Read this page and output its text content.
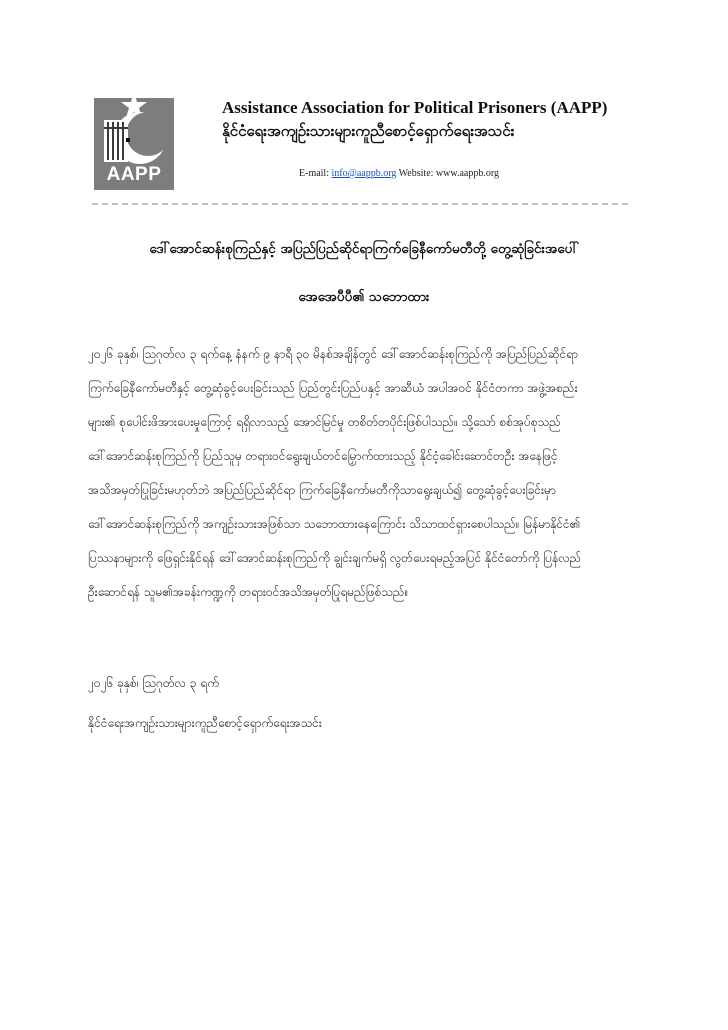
AAPP
Assistance Association for Political Prisoners (AAPP)
နိုင်ငံရေးအကျဉ်းသားများကူညီစောင့်ရှောက်ရေးအသင်း
E-mail: info@aappb.org Website: www.aappb.org
ဒေါ်အောင်ဆန်းစုကြည်နှင့် အပြည်ပြည်ဆိုင်ရာကြက်ခြေနီကော်မတီတို့ တွေ့ဆုံခြင်းအပေါ်
အေအေပီပီ၏ သဘောထား
၂၀၂၆ ခုနှစ်၊ ဩဂုတ်လ ၃ ရက်နေ့ နံနက် ၉ နာရီ ၃၀ မိနစ်အချိန်တွင် ဒေါ်အောင်ဆန်းစုကြည်ကို အပြည်ပြည်ဆိုင်ရာ
ကြက်ခြေနီကော်မတီနှင့် တွေ့ဆုံခွင့်ပေးခြင်းသည် ပြည်တွင်းပြည်ပနှင့် အာဆီယံ အပါအဝင် နိုင်ငံတကာ အဖွဲ့အစည်း
များ၏ စုပေါင်းဖိအားပေးမှုကြောင့် ရရှိလာသည့် အောင်မြင်မှု တစိတ်တပိုင်းဖြစ်ပါသည်။ သို့သော် စစ်အုပ်စုသည်
ဒေါ်အောင်ဆန်းစုကြည်ကို ပြည်သူမှ တရားဝင်ရွေးချယ်တင်မြှောက်ထားသည့် နိုင်ငံ့ခေါင်းဆောင်တဦး အနေဖြင့်
အသိအမှတ်ပြုခြင်းမဟုတ်ဘဲ အပြည်ပြည်ဆိုင်ရာ ကြက်ခြေနီကော်မတီကိုသာရွေးချယ်၍ တွေ့ဆုံခွင့်ပေးခြင်းမှာ
ဒေါ်အောင်ဆန်းစုကြည်ကို အကျဉ်းသားအဖြစ်သာ သဘောထားနေကြောင်း သိသာထင်ရှားစေပါသည်။ မြန်မာနိုင်ငံ၏
ပြဿနာများကို ဖြေရှင်းနိုင်ရန် ဒေါ်အောင်ဆန်းစုကြည်ကို ချွင်းချက်မရှိ လွတ်ပေးရမည့်အပြင် နိုင်ငံတော်ကို ပြန်လည်
ဦးဆောင်ရန် သူမ၏အခန်းကဏ္ဍကို တရားဝင်အသိအမှတ်ပြုရမည်ဖြစ်သည်။
၂၀၂၆ ခုနှစ်၊ ဩဂုတ်လ ၃ ရက်
နိုင်ငံရေးအကျဉ်းသားများကူညီစောင့်ရှောက်ရေးအသင်း
